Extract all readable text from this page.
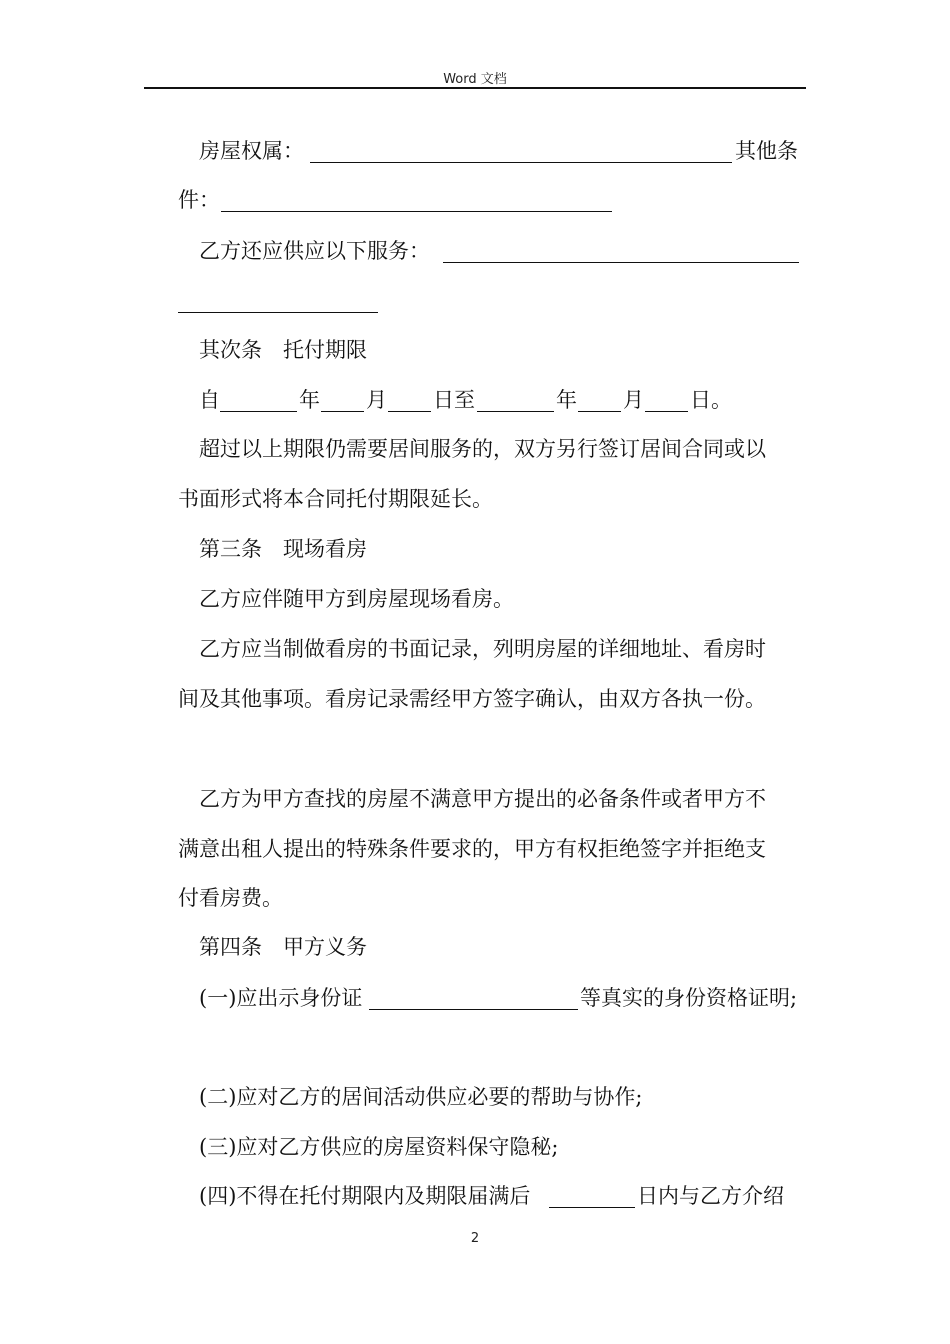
Word 文档
房屋权属：	其他条
件：
乙方还应供应以下服务：
其次条　托付期限
自	年 月 日至	年 月 日。
超过以上期限仍需要居间服务的，双方另行签订居间合同或以
书面形式将本合同托付期限延长。
第三条　现场看房
乙方应伴随甲方到房屋现场看房。
乙方应当制做看房的书面记录，列明房屋的详细地址、看房时
间及其他事项。看房记录需经甲方签字确认，由双方各执一份。
乙方为甲方查找的房屋不满意甲方提出的必备条件或者甲方不
满意出租人提出的特殊条件要求的，甲方有权拒绝签字并拒绝支
付看房费。
第四条　甲方义务
(一)应出示身份证	等真实的身份资格证明;
(二)应对乙方的居间活动供应必要的帮助与协作;
(三)应对乙方供应的房屋资料保守隐秘;
(四)不得在托付期限内及期限届满后	日内与乙方介绍
2
